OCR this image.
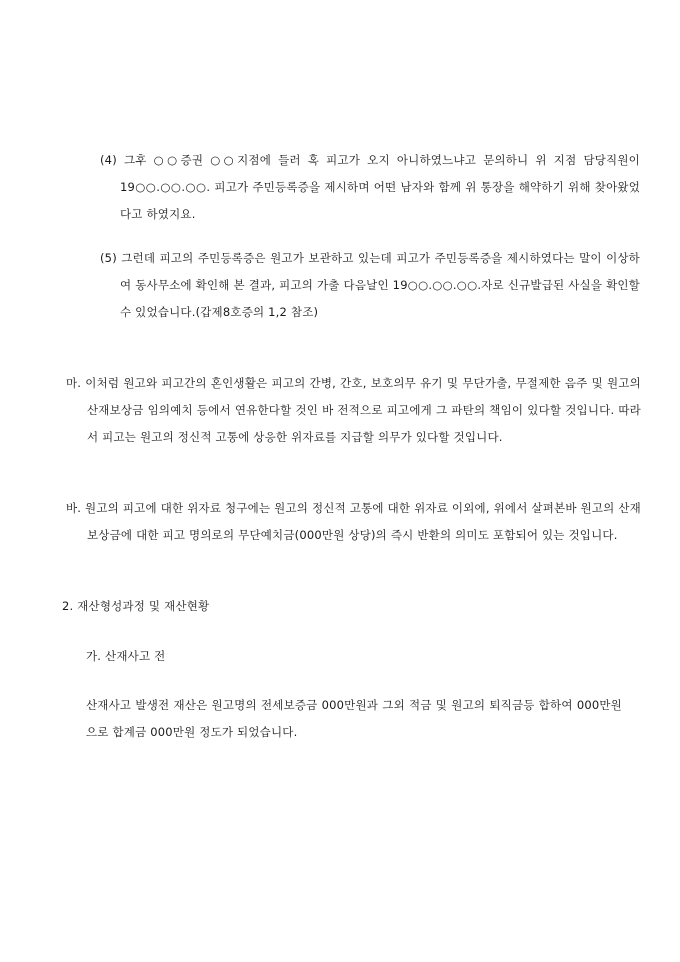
(4) 그후 ○○증권 ○○지점에 들러 혹 피고가 오지 아니하였느냐고 문의하니 위 지점 담당직원이 19○○.○○.○○. 피고가 주민등록증을 제시하며 어떤 남자와 함께 위 통장을 해약하기 위해 찾아왔었다고 하였지요.
(5) 그런데 피고의 주민등록증은 원고가 보관하고 있는데 피고가 주민등록증을 제시하였다는 말이 이상하여 동사무소에 확인해 본 결과, 피고의 가출 다음날인 19○○.○○.○○.자로 신규발급된 사실을 확인할 수 있었습니다.(갑제8호증의 1,2 참조)
마. 이처럼 원고와 피고간의 혼인생활은 피고의 간병, 간호, 보호의무 유기 및 무단가출, 무절제한 음주 및 원고의 산재보상금 임의예치 등에서 연유한다할 것인 바 전적으로 피고에게 그 파탄의 책임이 있다할 것입니다. 따라서 피고는 원고의 정신적 고통에 상응한 위자료를 지급할 의무가 있다할 것입니다.
바. 원고의 피고에 대한 위자료 청구에는 원고의 정신적 고통에 대한 위자료 이외에, 위에서 살펴본바 원고의 산재보상금에 대한 피고 명의로의 무단예치금(000만원 상당)의 즉시 반환의 의미도 포함되어 있는 것입니다.
2. 재산형성과정 및 재산현황
가. 산재사고 전
산재사고 발생전 재산은 원고명의 전세보증금 000만원과 그외 적금 및 원고의 퇴직금등 합하여 000만원으로 합계금 000만원 정도가 되었습니다.
